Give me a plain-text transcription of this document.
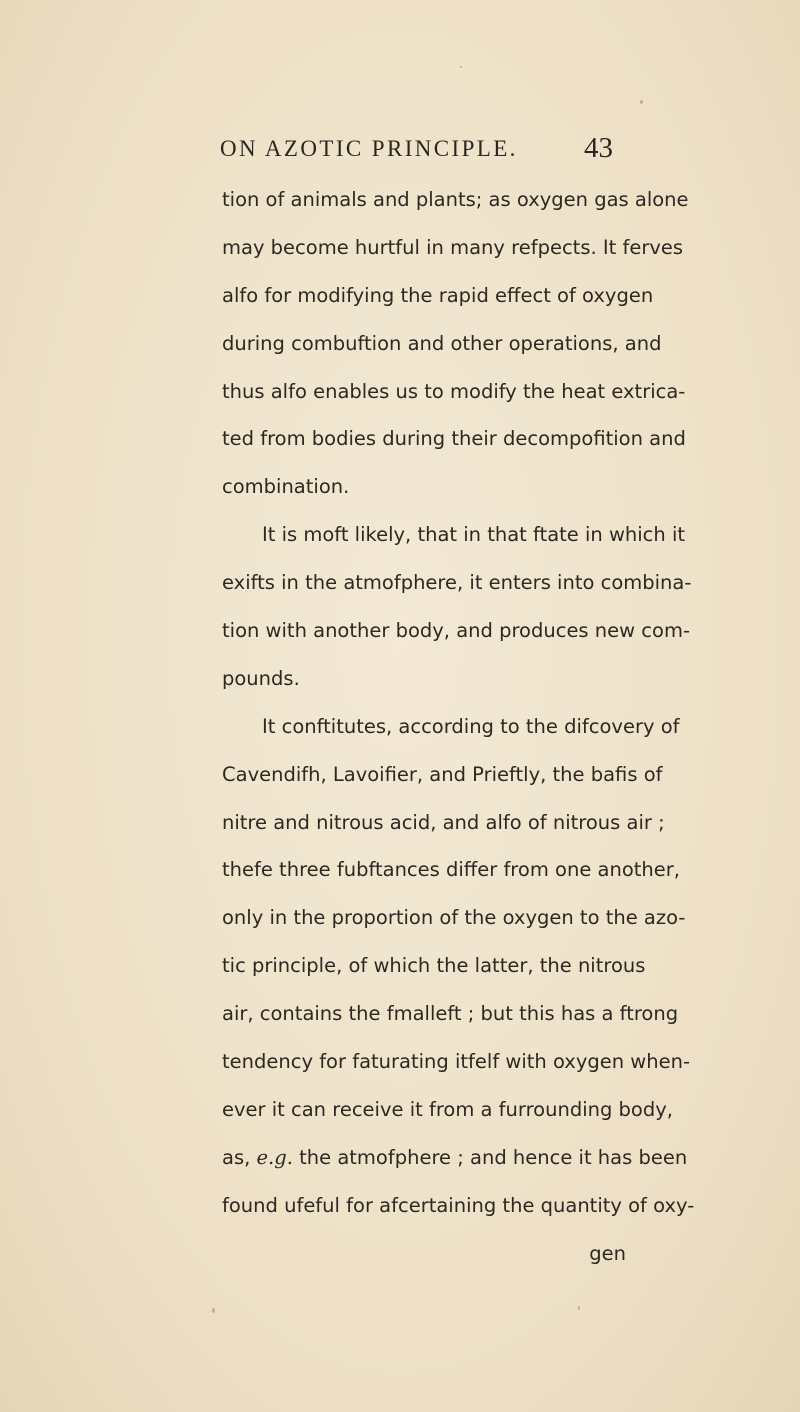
ON AZOTIC PRINCIPLE. 43
tion of animals and plants; as oxygen gas alone
may become hurtful in many refpects. It ferves
alfo for modifying the rapid effect of oxygen
during combuftion and other operations, and
thus alfo enables us to modify the heat extrica-
ted from bodies during their decompofition and
combination.
It is moft likely, that in that ftate in which it
exifts in the atmofphere, it enters into combina-
tion with another body, and produces new com-
pounds.
It conftitutes, according to the difcovery of
Cavendifh, Lavoifier, and Prieftly, the bafis of
nitre and nitrous acid, and alfo of nitrous air ;
thefe three fubftances differ from one another,
only in the proportion of the oxygen to the azo-
tic principle, of which the latter, the nitrous
air, contains the fmalleft ; but this has a ftrong
tendency for faturating itfelf with oxygen when-
ever it can receive it from a furrounding body,
as, e.g. the atmofphere ; and hence it has been
found ufeful for afcertaining the quantity of oxy-
gen
